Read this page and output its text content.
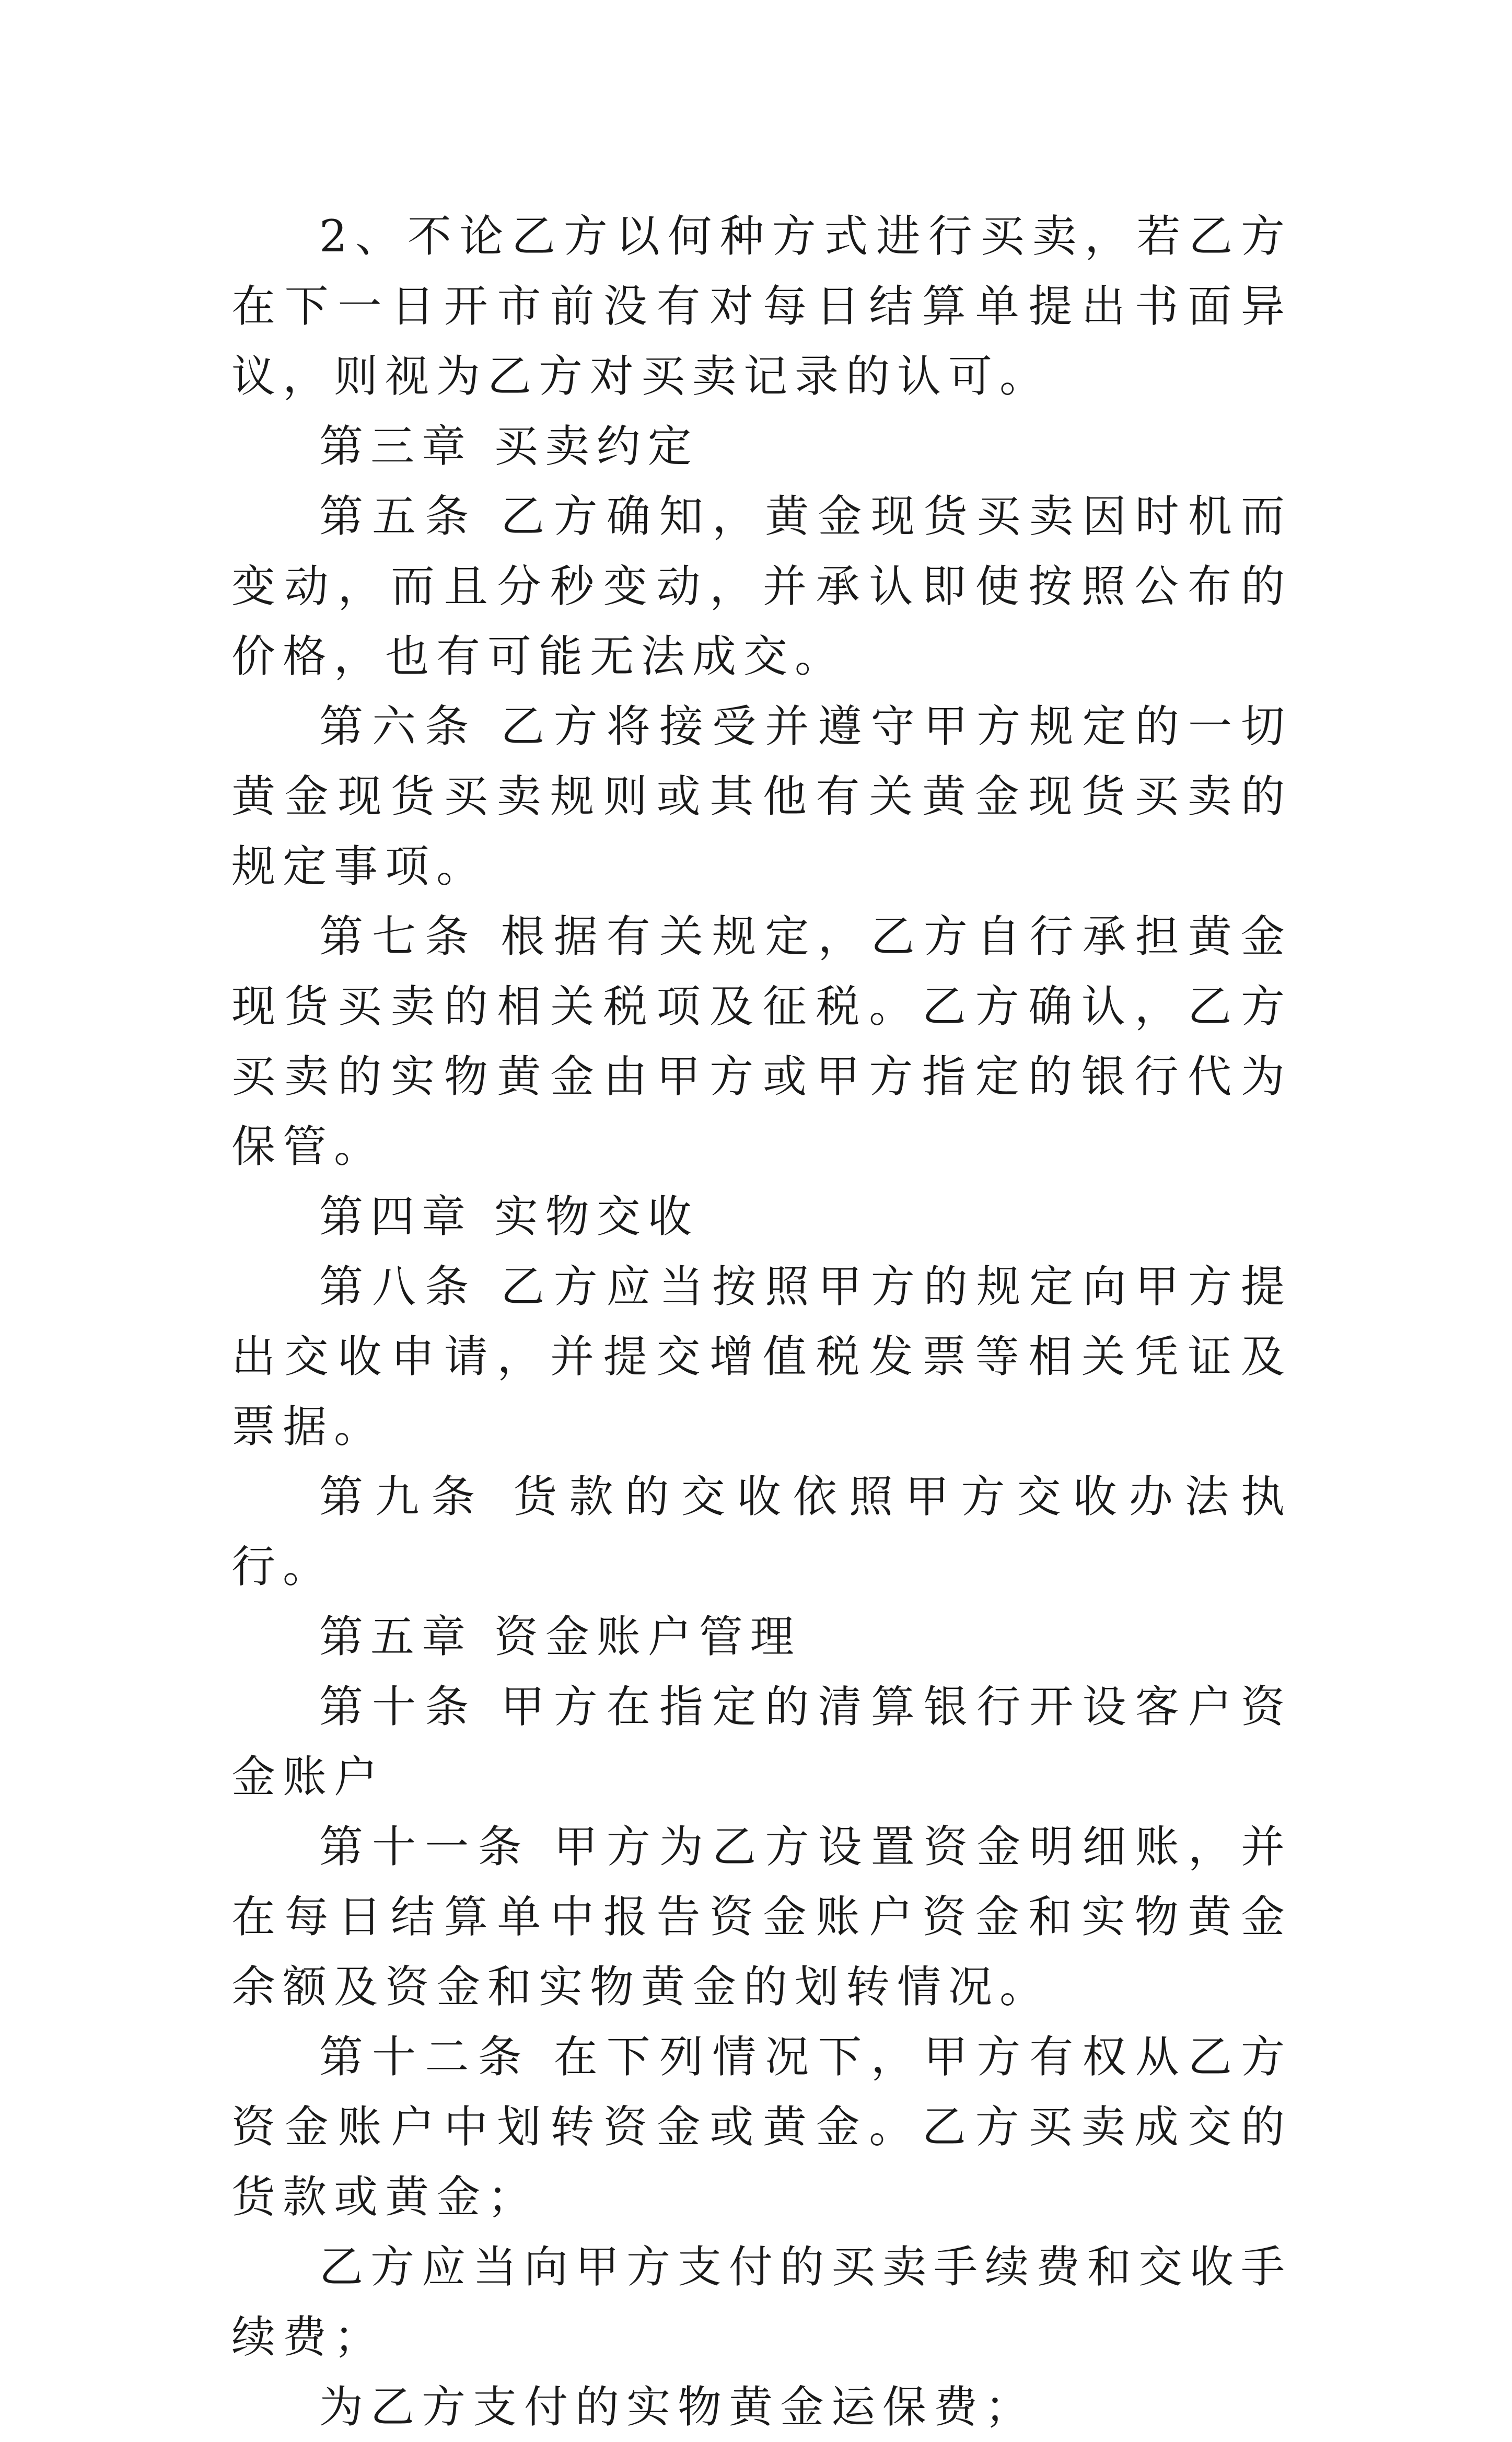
2、不论乙方以何种方式进行买卖，若乙方在下一日开市前没有对每日结算单提出书面异议，则视为乙方对买卖记录的认可。

第三章 买卖约定

第五条 乙方确知，黄金现货买卖因时机而变动，而且分秒变动，并承认即使按照公布的价格，也有可能无法成交。

第六条 乙方将接受并遵守甲方规定的一切黄金现货买卖规则或其他有关黄金现货买卖的规定事项。

第七条 根据有关规定，乙方自行承担黄金现货买卖的相关税项及征税。乙方确认，乙方买卖的实物黄金由甲方或甲方指定的银行代为保管。

第四章 实物交收

第八条 乙方应当按照甲方的规定向甲方提出交收申请，并提交增值税发票等相关凭证及票据。

第九条 货款的交收依照甲方交收办法执行。

第五章 资金账户管理

第十条 甲方在指定的清算银行开设客户资金账户

第十一条 甲方为乙方设置资金明细账，并在每日结算单中报告资金账户资金和实物黄金余额及资金和实物黄金的划转情况。

第十二条 在下列情况下，甲方有权从乙方资金账户中划转资金或黄金。乙方买卖成交的货款或黄金；

乙方应当向甲方支付的买卖手续费和交收手续费；

为乙方支付的实物黄金运保费；
